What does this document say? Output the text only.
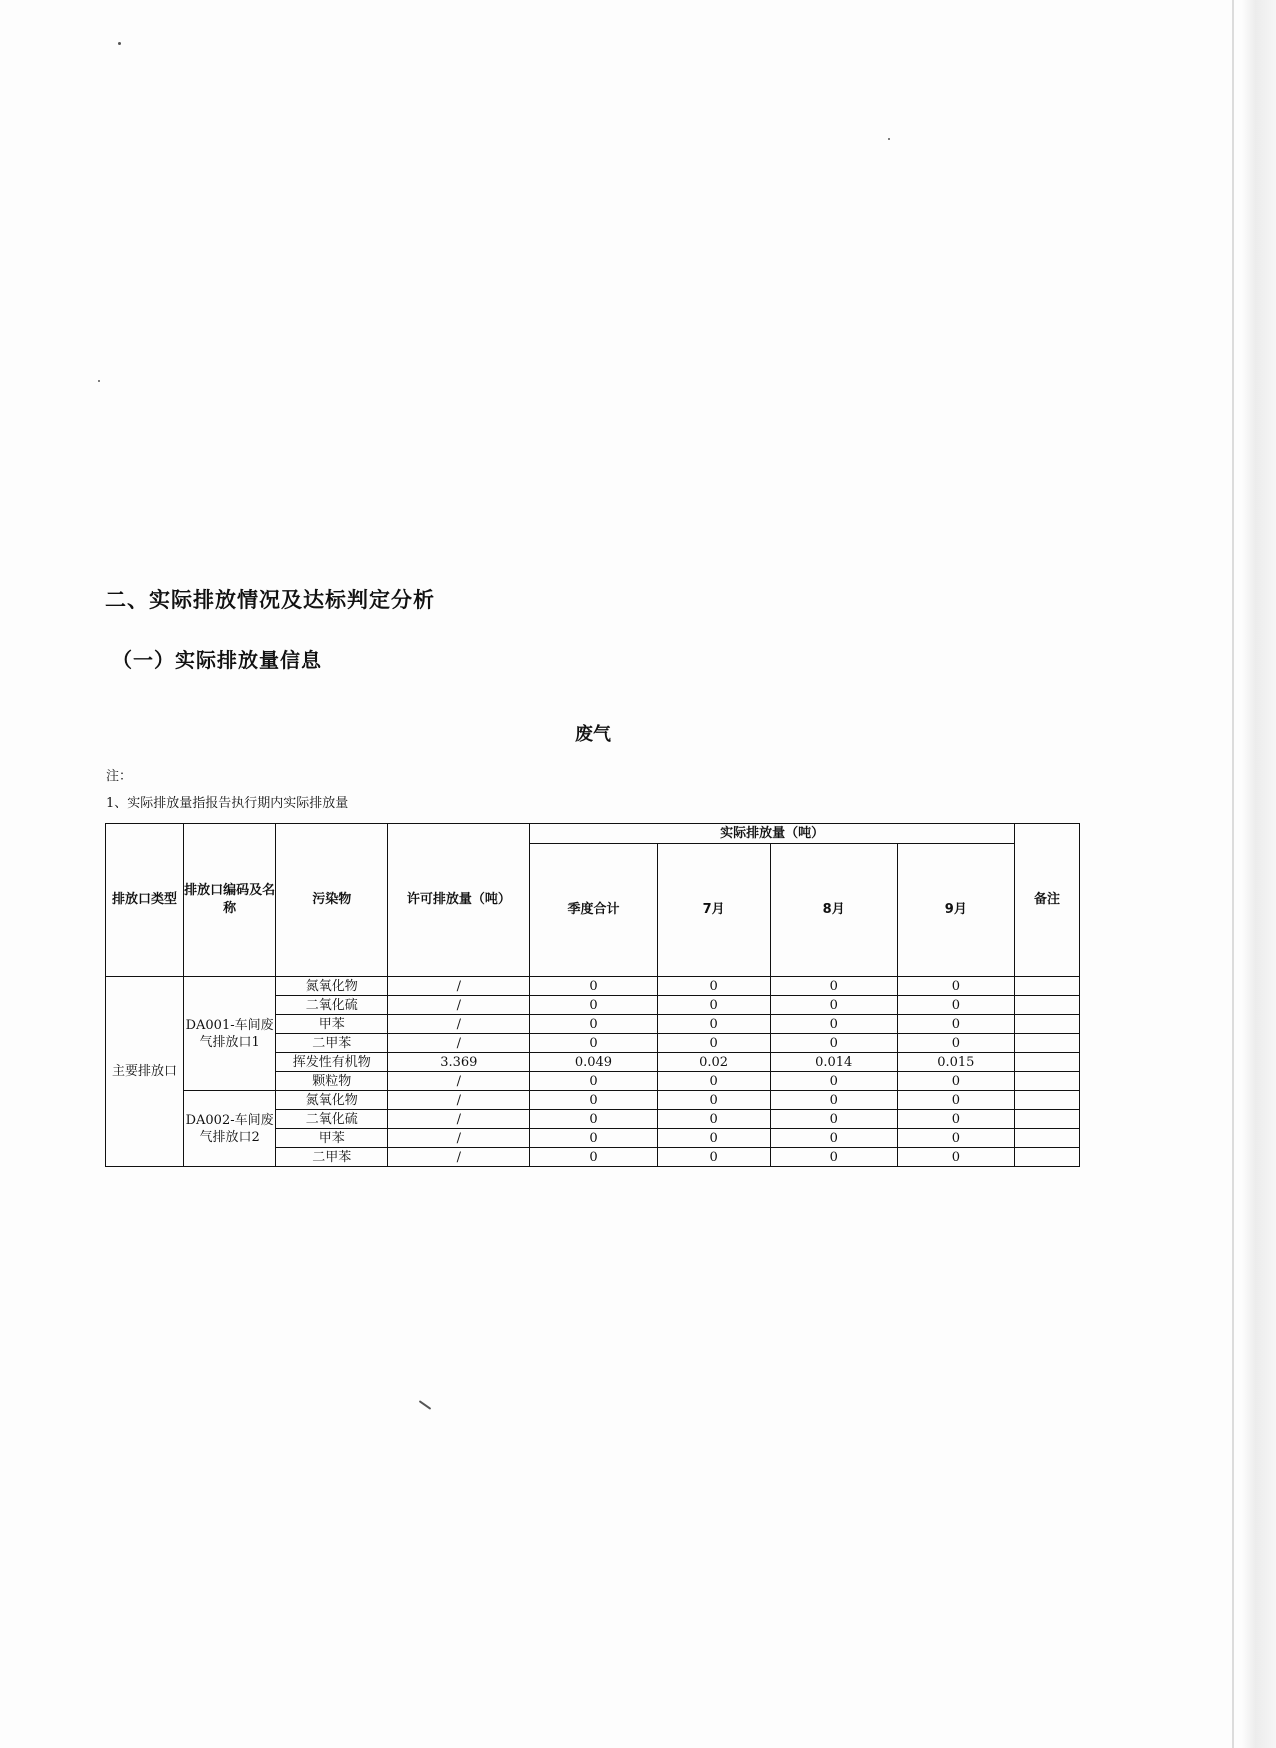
二、实际排放情况及达标判定分析
（一）实际排放量信息
废气
注：
1、实际排放量指报告执行期内实际排放量
排放口类型	排放口编码及名称	污染物	许可排放量（吨）	实际排放量（吨）				备注
				季度合计	7月	8月	9月	
主要排放口	DA001-车间废气排放口1	氮氧化物	/	0	0	0	0	
		二氧化硫	/	0	0	0	0	
		甲苯	/	0	0	0	0	
		二甲苯	/	0	0	0	0	
		挥发性有机物	3.369	0.049	0.02	0.014	0.015	
		颗粒物	/	0	0	0	0	
	DA002-车间废气排放口2	氮氧化物	/	0	0	0	0	
		二氧化硫	/	0	0	0	0	
		甲苯	/	0	0	0	0	
		二甲苯	/	0	0	0	0	
